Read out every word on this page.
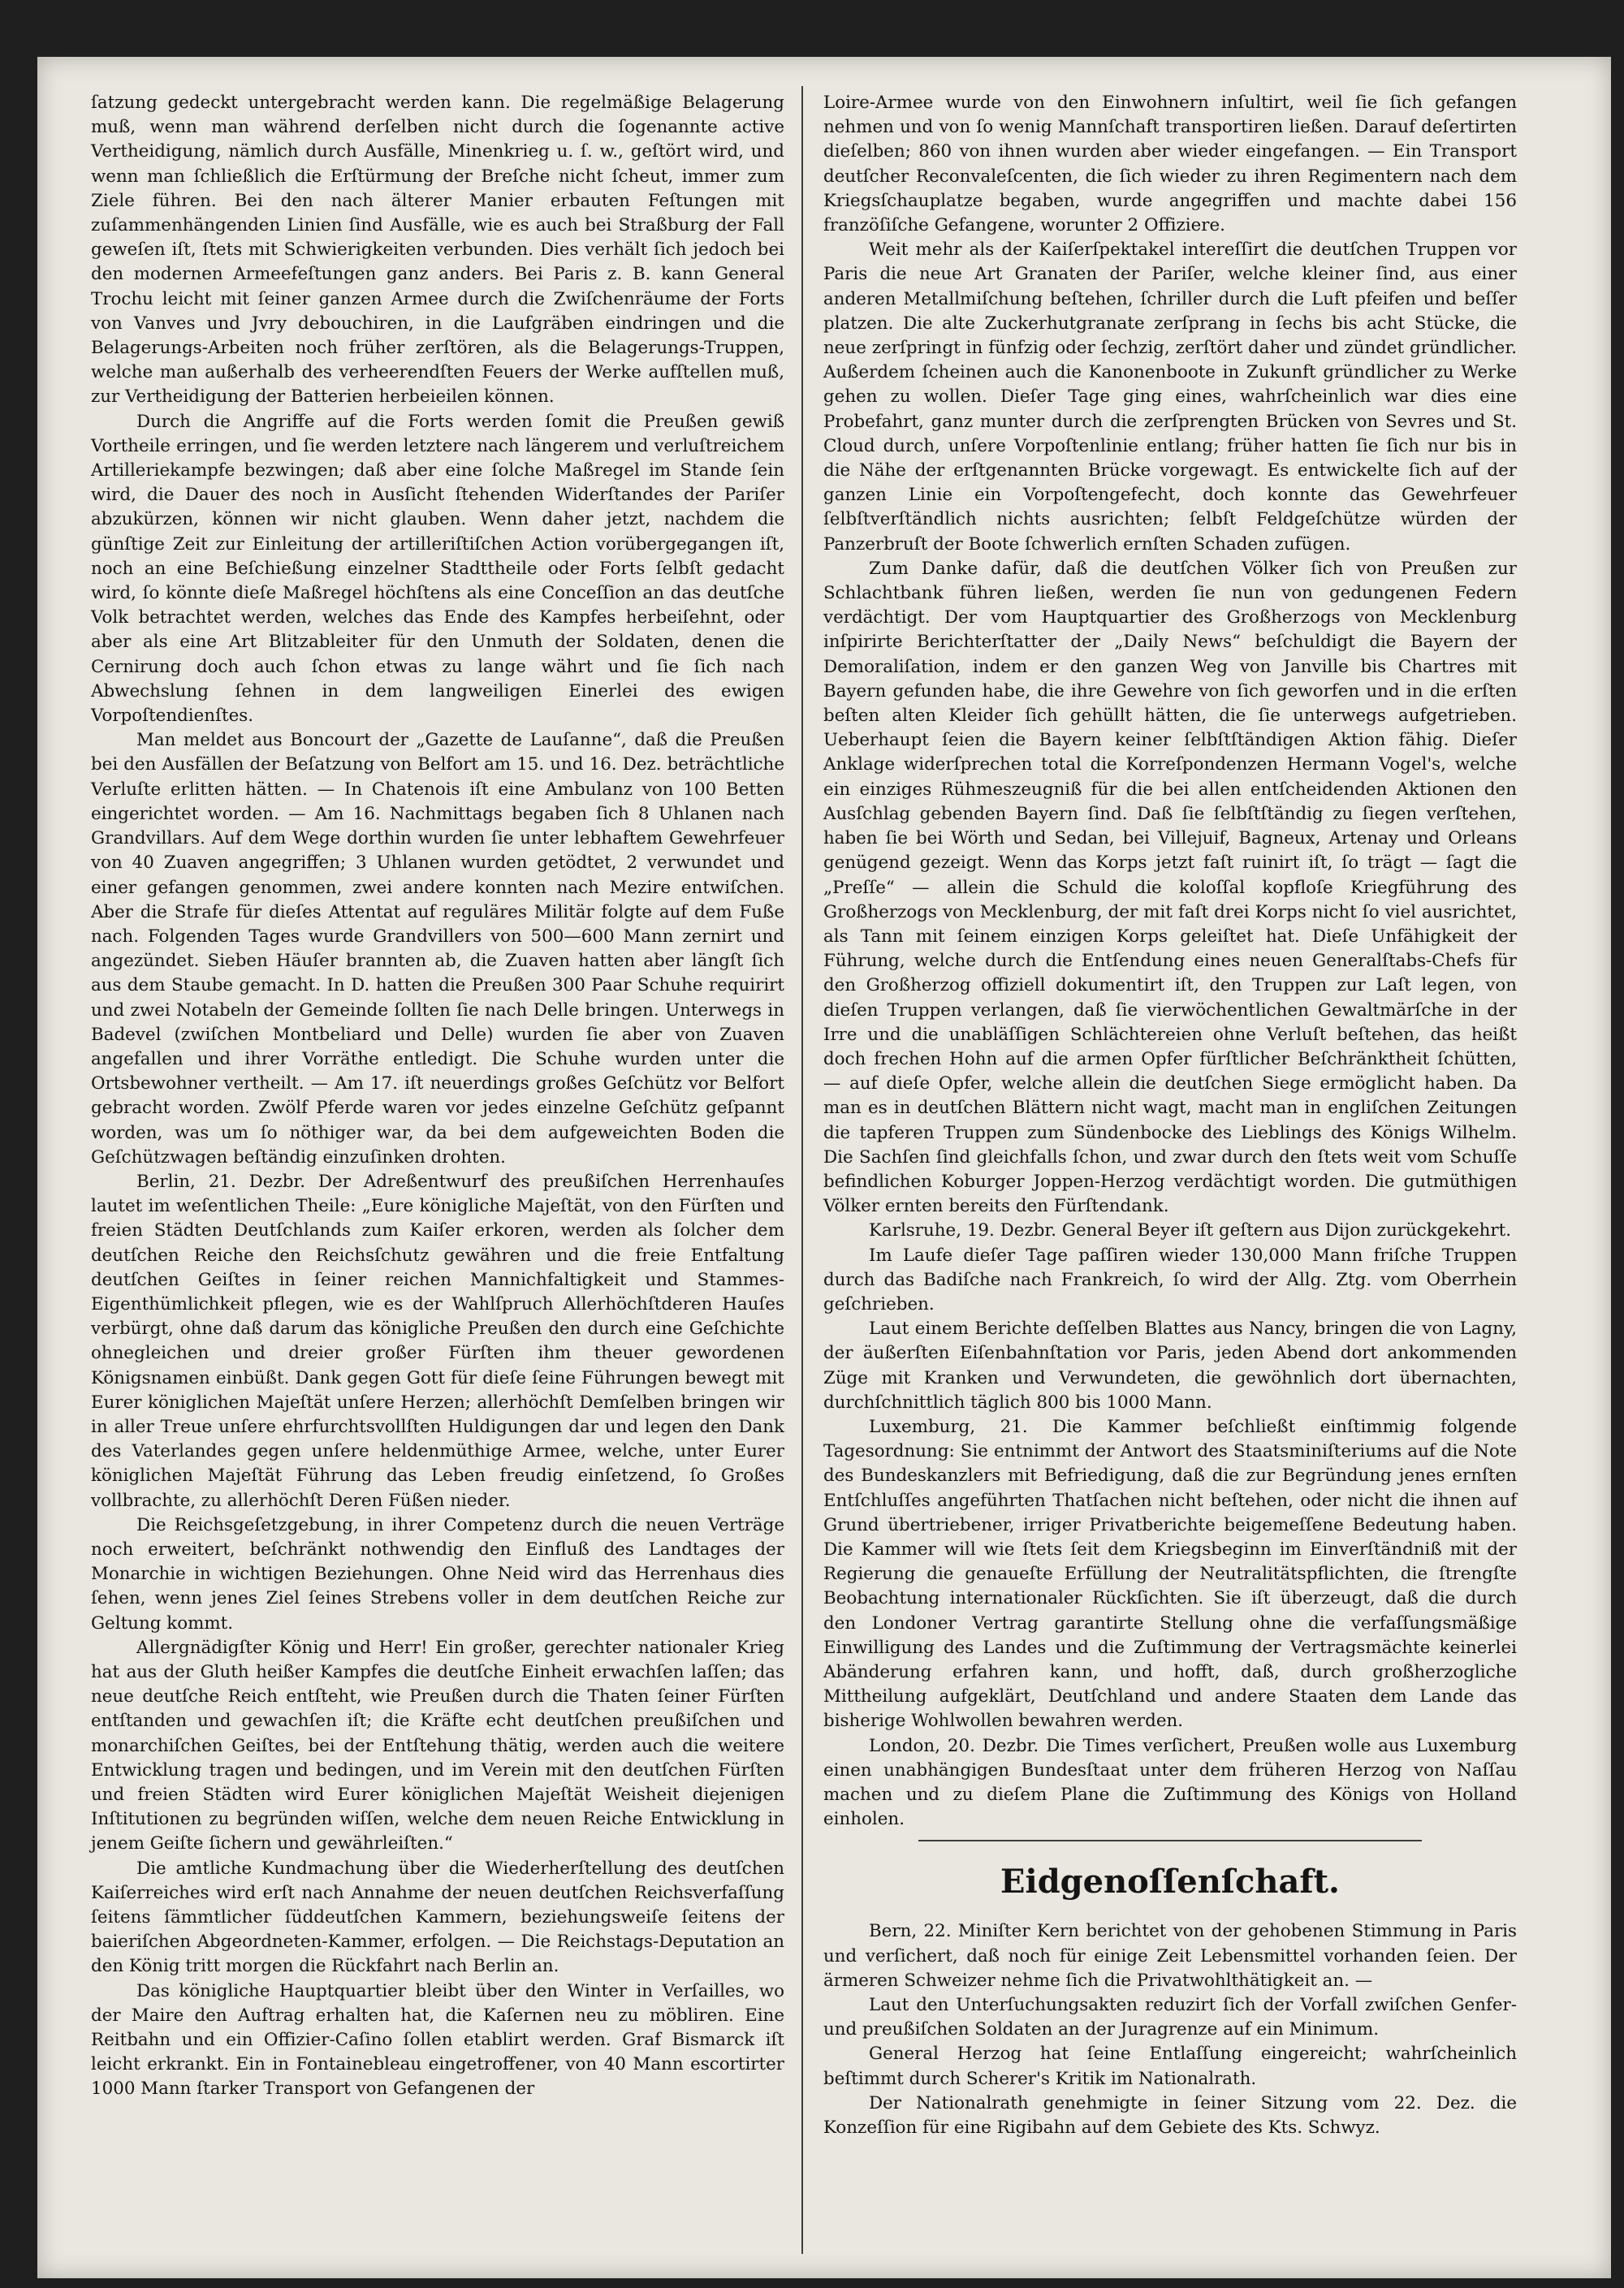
ſatzung gedeckt untergebracht werden kann. Die regelmäßige Belagerung muß, wenn man während derſelben nicht durch die ſogenannte active Vertheidigung, nämlich durch Ausfälle, Minenkrieg u. ſ. w., geſtört wird, und wenn man ſchließlich die Erſtürmung der Breſche nicht ſcheut, immer zum Ziele führen. Bei den nach älterer Manier erbauten Feſtungen mit zuſammenhängenden Linien ſind Ausfälle, wie es auch bei Straßburg der Fall geweſen iſt, ſtets mit Schwierigkeiten verbunden. Dies verhält ſich jedoch bei den modernen Armeefeſtungen ganz anders. Bei Paris z. B. kann General Trochu leicht mit ſeiner ganzen Armee durch die Zwiſchenräume der Forts von Vanves und Jvry debouchiren, in die Laufgräben eindringen und die Belagerungs-Arbeiten noch früher zerſtören, als die Belagerungs-Truppen, welche man außerhalb des verheerendſten Feuers der Werke aufſtellen muß, zur Vertheidigung der Batterien herbeieilen können.

Durch die Angriffe auf die Forts werden ſomit die Preußen gewiß Vortheile erringen, und ſie werden letztere nach längerem und verluſtreichem Artilleriekampfe bezwingen; daß aber eine ſolche Maßregel im Stande ſein wird, die Dauer des noch in Ausſicht ſtehenden Widerſtandes der Pariſer abzukürzen, können wir nicht glauben. Wenn daher jetzt, nachdem die günſtige Zeit zur Einleitung der artilleriſtiſchen Action vorübergegangen iſt, noch an eine Beſchießung einzelner Stadttheile oder Forts ſelbſt gedacht wird, ſo könnte dieſe Maßregel höchſtens als eine Conceſſion an das deutſche Volk betrachtet werden, welches das Ende des Kampfes herbeiſehnt, oder aber als eine Art Blitzableiter für den Unmuth der Soldaten, denen die Cernirung doch auch ſchon etwas zu lange währt und ſie ſich nach Abwechslung ſehnen in dem langweiligen Einerlei des ewigen Vorpoſtendienſtes.

Man meldet aus Boncourt der „Gazette de Lauſanne“, daß die Preußen bei den Ausfällen der Beſatzung von Belfort am 15. und 16. Dez. beträchtliche Verluſte erlitten hätten. — In Chatenois iſt eine Ambulanz von 100 Betten eingerichtet worden. — Am 16. Nachmittags begaben ſich 8 Uhlanen nach Grandvillars. Auf dem Wege dorthin wurden ſie unter lebhaftem Gewehrfeuer von 40 Zuaven angegriffen; 3 Uhlanen wurden getödtet, 2 verwundet und einer gefangen genommen, zwei andere konnten nach Mezire entwiſchen. Aber die Strafe für dieſes Attentat auf reguläres Militär folgte auf dem Fuße nach. Folgenden Tages wurde Grandvillers von 500—600 Mann zernirt und angezündet. Sieben Häuſer brannten ab, die Zuaven hatten aber längſt ſich aus dem Staube gemacht. In D. hatten die Preußen 300 Paar Schuhe requirirt und zwei Notabeln der Gemeinde ſollten ſie nach Delle bringen. Unterwegs in Badevel (zwiſchen Montbeliard und Delle) wurden ſie aber von Zuaven angefallen und ihrer Vorräthe entledigt. Die Schuhe wurden unter die Ortsbewohner vertheilt. — Am 17. iſt neuerdings großes Geſchütz vor Belfort gebracht worden. Zwölf Pferde waren vor jedes einzelne Geſchütz geſpannt worden, was um ſo nöthiger war, da bei dem aufgeweichten Boden die Geſchützwagen beſtändig einzuſinken drohten.

Berlin, 21. Dezbr. Der Adreßentwurf des preußiſchen Herrenhauſes lautet im weſentlichen Theile: „Eure königliche Majeſtät, von den Fürſten und freien Städten Deutſchlands zum Kaiſer erkoren, werden als ſolcher dem deutſchen Reiche den Reichsſchutz gewähren und die freie Entfaltung deutſchen Geiſtes in ſeiner reichen Mannichfaltigkeit und Stammes-Eigenthümlichkeit pflegen, wie es der Wahlſpruch Allerhöchſtderen Hauſes verbürgt, ohne daß darum das königliche Preußen den durch eine Geſchichte ohnegleichen und dreier großer Fürſten ihm theuer gewordenen Königsnamen einbüßt. Dank gegen Gott für dieſe ſeine Führungen bewegt mit Eurer königlichen Majeſtät unſere Herzen; allerhöchſt Demſelben bringen wir in aller Treue unſere ehrfurchtsvollſten Huldigungen dar und legen den Dank des Vaterlandes gegen unſere heldenmüthige Armee, welche, unter Eurer königlichen Majeſtät Führung das Leben freudig einſetzend, ſo Großes vollbrachte, zu allerhöchſt Deren Füßen nieder.

Die Reichsgeſetzgebung, in ihrer Competenz durch die neuen Verträge noch erweitert, beſchränkt nothwendig den Einfluß des Landtages der Monarchie in wichtigen Beziehungen. Ohne Neid wird das Herrenhaus dies ſehen, wenn jenes Ziel ſeines Strebens voller in dem deutſchen Reiche zur Geltung kommt.

Allergnädigſter König und Herr! Ein großer, gerechter nationaler Krieg hat aus der Gluth heißer Kampfes die deutſche Einheit erwachſen laſſen; das neue deutſche Reich entſteht, wie Preußen durch die Thaten ſeiner Fürſten entſtanden und gewachſen iſt; die Kräfte echt deutſchen preußiſchen und monarchiſchen Geiſtes, bei der Entſtehung thätig, werden auch die weitere Entwicklung tragen und bedingen, und im Verein mit den deutſchen Fürſten und freien Städten wird Eurer königlichen Majeſtät Weisheit diejenigen Inſtitutionen zu begründen wiſſen, welche dem neuen Reiche Entwicklung in jenem Geiſte ſichern und gewährleiſten.“

Die amtliche Kundmachung über die Wiederherſtellung des deutſchen Kaiſerreiches wird erſt nach Annahme der neuen deutſchen Reichsverfaſſung ſeitens ſämmtlicher ſüddeutſchen Kammern, beziehungsweiſe ſeitens der baieriſchen Abgeordneten-Kammer, erfolgen. — Die Reichstags-Deputation an den König tritt morgen die Rückfahrt nach Berlin an.

Das königliche Hauptquartier bleibt über den Winter in Verſailles, wo der Maire den Auftrag erhalten hat, die Kaſernen neu zu möbliren. Eine Reitbahn und ein Offizier-Caſino ſollen etablirt werden. Graf Bismarck iſt leicht erkrankt. Ein in Fontainebleau eingetroffener, von 40 Mann escortirter 1000 Mann ſtarker Transport von Gefangenen der

Loire-Armee wurde von den Einwohnern inſultirt, weil ſie ſich gefangen nehmen und von ſo wenig Mannſchaft transportiren ließen. Darauf deſertirten dieſelben; 860 von ihnen wurden aber wieder eingefangen. — Ein Transport deutſcher Reconvaleſcenten, die ſich wieder zu ihren Regimentern nach dem Kriegsſchauplatze begaben, wurde angegriffen und machte dabei 156 franzöſiſche Gefangene, worunter 2 Offiziere.

Weit mehr als der Kaiſerſpektakel intereſſirt die deutſchen Truppen vor Paris die neue Art Granaten der Pariſer, welche kleiner ſind, aus einer anderen Metallmiſchung beſtehen, ſchriller durch die Luft pfeifen und beſſer platzen. Die alte Zuckerhutgranate zerſprang in ſechs bis acht Stücke, die neue zerſpringt in fünfzig oder ſechzig, zerſtört daher und zündet gründlicher. Außerdem ſcheinen auch die Kanonenboote in Zukunft gründlicher zu Werke gehen zu wollen. Dieſer Tage ging eines, wahrſcheinlich war dies eine Probefahrt, ganz munter durch die zerſprengten Brücken von Sevres und St. Cloud durch, unſere Vorpoſtenlinie entlang; früher hatten ſie ſich nur bis in die Nähe der erſtgenannten Brücke vorgewagt. Es entwickelte ſich auf der ganzen Linie ein Vorpoſtengefecht, doch konnte das Gewehrfeuer ſelbſtverſtändlich nichts ausrichten; ſelbſt Feldgeſchütze würden der Panzerbruſt der Boote ſchwerlich ernſten Schaden zufügen.

Zum Danke dafür, daß die deutſchen Völker ſich von Preußen zur Schlachtbank führen ließen, werden ſie nun von gedungenen Federn verdächtigt. Der vom Hauptquartier des Großherzogs von Mecklenburg inſpirirte Berichterſtatter der „Daily News“ beſchuldigt die Bayern der Demoraliſation, indem er den ganzen Weg von Janville bis Chartres mit Bayern gefunden habe, die ihre Gewehre von ſich geworfen und in die erſten beſten alten Kleider ſich gehüllt hätten, die ſie unterwegs aufgetrieben. Ueberhaupt ſeien die Bayern keiner ſelbſtſtändigen Aktion fähig. Dieſer Anklage widerſprechen total die Korreſpondenzen Hermann Vogel's, welche ein einziges Rühmeszeugniß für die bei allen entſcheidenden Aktionen den Ausſchlag gebenden Bayern ſind. Daß ſie ſelbſtſtändig zu ſiegen verſtehen, haben ſie bei Wörth und Sedan, bei Villejuif, Bagneux, Artenay und Orleans genügend gezeigt. Wenn das Korps jetzt faſt ruinirt iſt, ſo trägt — ſagt die „Preſſe“ — allein die Schuld die koloſſal kopfloſe Kriegführung des Großherzogs von Mecklenburg, der mit faſt drei Korps nicht ſo viel ausrichtet, als Tann mit ſeinem einzigen Korps geleiſtet hat. Dieſe Unfähigkeit der Führung, welche durch die Entſendung eines neuen Generalſtabs-Chefs für den Großherzog offiziell dokumentirt iſt, den Truppen zur Laſt legen, von dieſen Truppen verlangen, daß ſie vierwöchentlichen Gewaltmärſche in der Irre und die unabläſſigen Schlächtereien ohne Verluſt beſtehen, das heißt doch frechen Hohn auf die armen Opfer fürſtlicher Beſchränktheit ſchütten, — auf dieſe Opfer, welche allein die deutſchen Siege ermöglicht haben. Da man es in deutſchen Blättern nicht wagt, macht man in engliſchen Zeitungen die tapferen Truppen zum Sündenbocke des Lieblings des Königs Wilhelm. Die Sachſen ſind gleichfalls ſchon, und zwar durch den ſtets weit vom Schuſſe befindlichen Koburger Joppen-Herzog verdächtigt worden. Die gutmüthigen Völker ernten bereits den Fürſtendank.

Karlsruhe, 19. Dezbr. General Beyer iſt geſtern aus Dijon zurückgekehrt.

Im Laufe dieſer Tage paſſiren wieder 130,000 Mann friſche Truppen durch das Badiſche nach Frankreich, ſo wird der Allg. Ztg. vom Oberrhein geſchrieben.

Laut einem Berichte deſſelben Blattes aus Nancy, bringen die von Lagny, der äußerſten Eiſenbahnſtation vor Paris, jeden Abend dort ankommenden Züge mit Kranken und Verwundeten, die gewöhnlich dort übernachten, durchſchnittlich täglich 800 bis 1000 Mann.

Luxemburg, 21. Die Kammer beſchließt einſtimmig folgende Tagesordnung: Sie entnimmt der Antwort des Staatsminiſteriums auf die Note des Bundeskanzlers mit Befriedigung, daß die zur Begründung jenes ernſten Entſchluſſes angeführten Thatſachen nicht beſtehen, oder nicht die ihnen auf Grund übertriebener, irriger Privatberichte beigemeſſene Bedeutung haben. Die Kammer will wie ſtets ſeit dem Kriegsbeginn im Einverſtändniß mit der Regierung die genaueſte Erfüllung der Neutralitätspflichten, die ſtrengſte Beobachtung internationaler Rückſichten. Sie iſt überzeugt, daß die durch den Londoner Vertrag garantirte Stellung ohne die verfaſſungsmäßige Einwilligung des Landes und die Zuſtimmung der Vertragsmächte keinerlei Abänderung erfahren kann, und hofft, daß, durch großherzogliche Mittheilung aufgeklärt, Deutſchland und andere Staaten dem Lande das bisherige Wohlwollen bewahren werden.

London, 20. Dezbr. Die Times verſichert, Preußen wolle aus Luxemburg einen unabhängigen Bundesſtaat unter dem früheren Herzog von Naſſau machen und zu dieſem Plane die Zuſtimmung des Königs von Holland einholen.

Eidgenoſſenſchaft.

Bern, 22. Miniſter Kern berichtet von der gehobenen Stimmung in Paris und verſichert, daß noch für einige Zeit Lebensmittel vorhanden ſeien. Der ärmeren Schweizer nehme ſich die Privatwohlthätigkeit an. —

Laut den Unterſuchungsakten reduzirt ſich der Vorfall zwiſchen Genfer- und preußiſchen Soldaten an der Juragrenze auf ein Minimum.

General Herzog hat ſeine Entlaſſung eingereicht; wahrſcheinlich beſtimmt durch Scherer's Kritik im Nationalrath.

Der Nationalrath genehmigte in ſeiner Sitzung vom 22. Dez. die Konzeſſion für eine Rigibahn auf dem Gebiete des Kts. Schwyz.
